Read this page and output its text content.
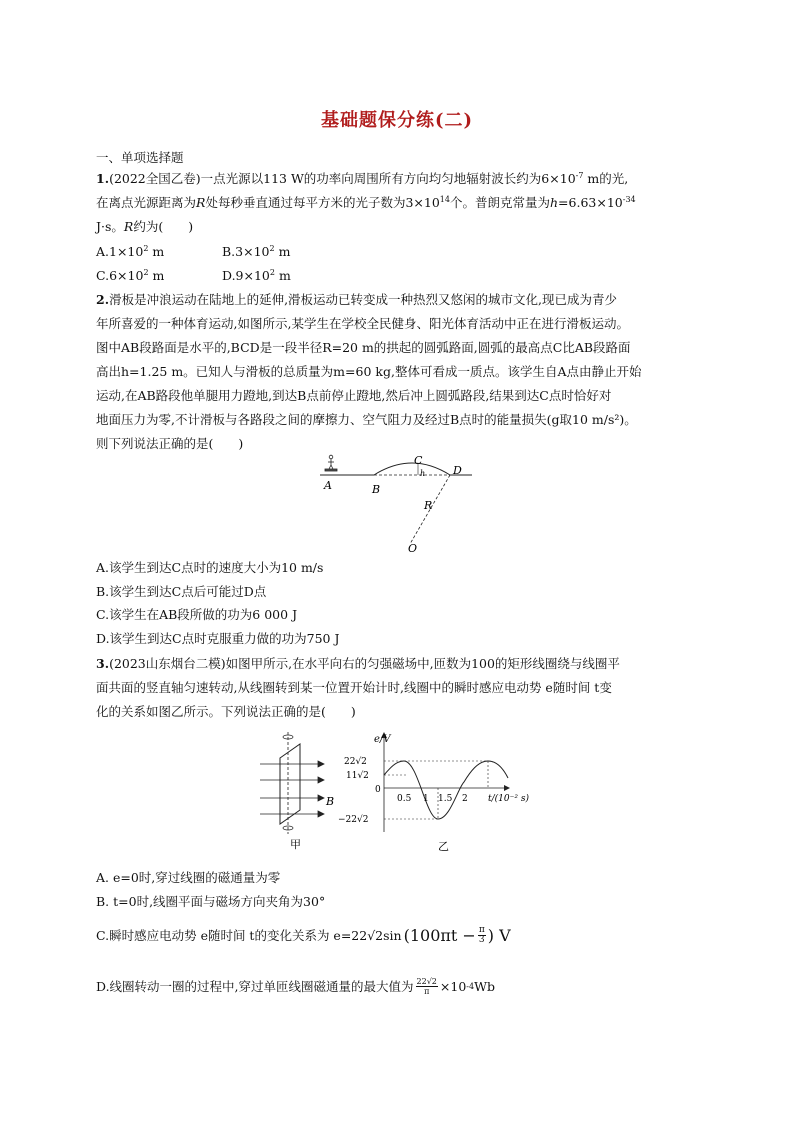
基础题保分练(二)
一、单项选择题
1.(2022全国乙卷)一点光源以113 W的功率向周围所有方向均匀地辐射波长约为$6\times 10^{-7}$ m的光,
在离点光源距离为R处每秒垂直通过每平方米的光子数为$3\times 10^{14}$个。普朗克常量为$h=6.63\times 10^{-34}$
J·s。R约为(　　)
$A.1\times 10^2$ m	$B.3\times 10^2$ m
$C.6\times 10^2$ m	$D.9\times 10^2$ m
2.滑板是冲浪运动在陆地上的延伸,滑板运动已转变成一种热烈又悠闲的城市文化,现已成为青少
年所喜爱的一种体育运动,如图所示,某学生在学校全民健身、阳光体育活动中正在进行滑板运动。
图中AB段路面是水平的,BCD是一段半径R=20 m的拱起的圆弧路面,圆弧的最高点C比AB段路面
高出h=1.25 m。已知人与滑板的总质量为m=60 kg,整体可看成一质点。该学生自A点由静止开始
运动,在AB路段他单腿用力蹬地,到达B点前停止蹬地,然后冲上圆弧路段,结果到达C点时恰好对
地面压力为零,不计滑板与各路段之间的摩擦力、空气阻力及经过B点时的能量损失(g取10 m/s²)。
则下列说法正确的是(　　)
A	B
C
h	D
R
O
A.该学生到达C点时的速度大小为10 m/s
B.该学生到达C点后可能过D点
C.该学生在AB段所做的功为6 000 J
D.该学生到达C点时克服重力做的功为750 J
3.(2023山东烟台二模)如图甲所示,在水平向右的匀强磁场中,匝数为100的矩形线圈绕与线圈平
面共面的竖直轴匀速转动,从线圈转到某一位置开始计时,线圈中的瞬时感应电动势 e随时间 t变
化的关系如图乙所示。下列说法正确的是(　　)
B
甲
e/V
22√2
11√2
0
−22√2
0.5 1 1.5 2 t/(10⁻² s)
乙
A. e=0时,穿过线圈的磁通量为零
B. t=0时,线圈平面与磁场方向夹角为30°
C.瞬时感应电动势 e随时间 t的变化关系为 e=22√2sin ($100\pi t - \frac{\pi}{3}$ ) V
D.线圈转动一圈的过程中,穿过单匝线圈磁通量的最大值为 $\frac{22√2}{\pi} \times 10$ -4 Wb
